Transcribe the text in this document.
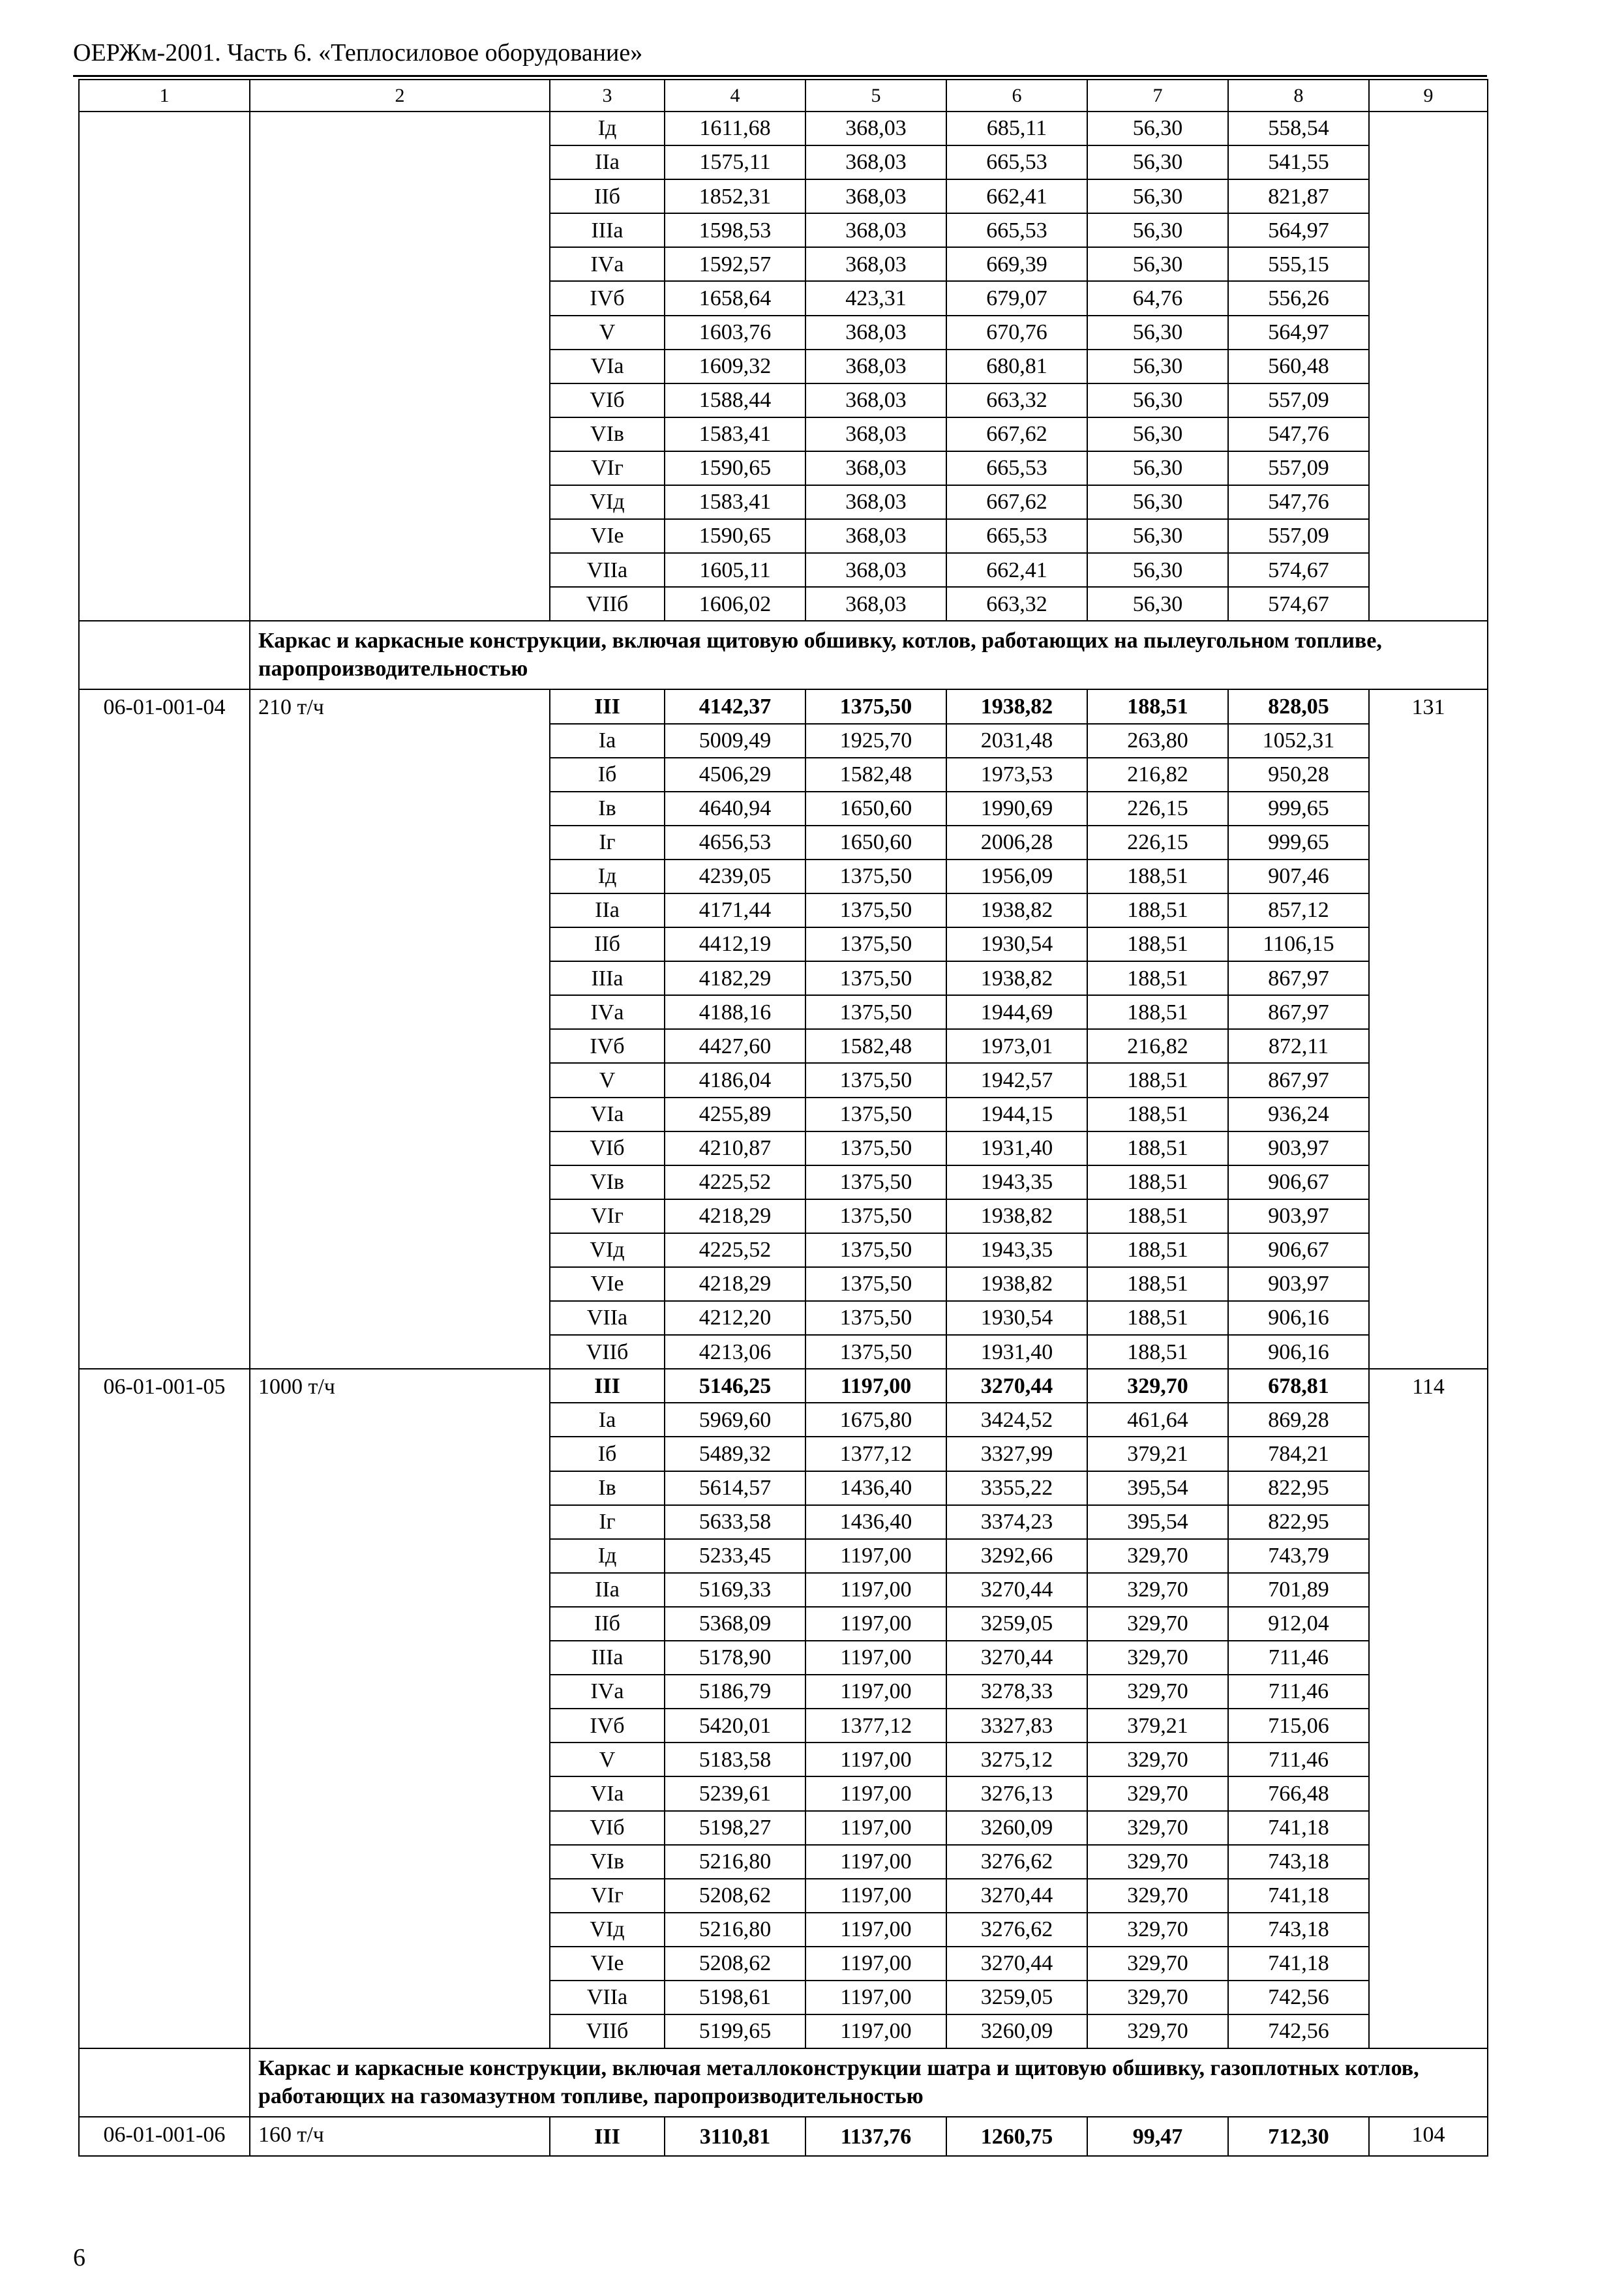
ОЕРЖм-2001. Часть 6. «Теплосиловое оборудование»
1	2	3	4	5	6	7	8	9
		Iд	1611,68	368,03	685,11	56,30	558,54	
		IIа	1575,11	368,03	665,53	56,30	541,55	
		IIб	1852,31	368,03	662,41	56,30	821,87	
		IIIа	1598,53	368,03	665,53	56,30	564,97	
		IVа	1592,57	368,03	669,39	56,30	555,15	
		IVб	1658,64	423,31	679,07	64,76	556,26	
		V	1603,76	368,03	670,76	56,30	564,97	
		VIа	1609,32	368,03	680,81	56,30	560,48	
		VIб	1588,44	368,03	663,32	56,30	557,09	
		VIв	1583,41	368,03	667,62	56,30	547,76	
		VIг	1590,65	368,03	665,53	56,30	557,09	
		VIд	1583,41	368,03	667,62	56,30	547,76	
		VIе	1590,65	368,03	665,53	56,30	557,09	
		VIIа	1605,11	368,03	662,41	56,30	574,67	
		VIIб	1606,02	368,03	663,32	56,30	574,67	
	Каркас и каркасные конструкции, включая щитовую обшивку, котлов, работающих на пылеугольном топливе, паропроизводительностью							
06-01-001-04	210 т/ч	III	4142,37	1375,50	1938,82	188,51	828,05	131
		Iа	5009,49	1925,70	2031,48	263,80	1052,31	
		Iб	4506,29	1582,48	1973,53	216,82	950,28	
		Iв	4640,94	1650,60	1990,69	226,15	999,65	
		Iг	4656,53	1650,60	2006,28	226,15	999,65	
		Iд	4239,05	1375,50	1956,09	188,51	907,46	
		IIа	4171,44	1375,50	1938,82	188,51	857,12	
		IIб	4412,19	1375,50	1930,54	188,51	1106,15	
		IIIа	4182,29	1375,50	1938,82	188,51	867,97	
		IVа	4188,16	1375,50	1944,69	188,51	867,97	
		IVб	4427,60	1582,48	1973,01	216,82	872,11	
		V	4186,04	1375,50	1942,57	188,51	867,97	
		VIа	4255,89	1375,50	1944,15	188,51	936,24	
		VIб	4210,87	1375,50	1931,40	188,51	903,97	
		VIв	4225,52	1375,50	1943,35	188,51	906,67	
		VIг	4218,29	1375,50	1938,82	188,51	903,97	
		VIд	4225,52	1375,50	1943,35	188,51	906,67	
		VIе	4218,29	1375,50	1938,82	188,51	903,97	
		VIIа	4212,20	1375,50	1930,54	188,51	906,16	
		VIIб	4213,06	1375,50	1931,40	188,51	906,16	
06-01-001-05	1000 т/ч	III	5146,25	1197,00	3270,44	329,70	678,81	114
		Iа	5969,60	1675,80	3424,52	461,64	869,28	
		Iб	5489,32	1377,12	3327,99	379,21	784,21	
		Iв	5614,57	1436,40	3355,22	395,54	822,95	
		Iг	5633,58	1436,40	3374,23	395,54	822,95	
		Iд	5233,45	1197,00	3292,66	329,70	743,79	
		IIа	5169,33	1197,00	3270,44	329,70	701,89	
		IIб	5368,09	1197,00	3259,05	329,70	912,04	
		IIIа	5178,90	1197,00	3270,44	329,70	711,46	
		IVа	5186,79	1197,00	3278,33	329,70	711,46	
		IVб	5420,01	1377,12	3327,83	379,21	715,06	
		V	5183,58	1197,00	3275,12	329,70	711,46	
		VIа	5239,61	1197,00	3276,13	329,70	766,48	
		VIб	5198,27	1197,00	3260,09	329,70	741,18	
		VIв	5216,80	1197,00	3276,62	329,70	743,18	
		VIг	5208,62	1197,00	3270,44	329,70	741,18	
		VIд	5216,80	1197,00	3276,62	329,70	743,18	
		VIе	5208,62	1197,00	3270,44	329,70	741,18	
		VIIа	5198,61	1197,00	3259,05	329,70	742,56	
		VIIб	5199,65	1197,00	3260,09	329,70	742,56	
	Каркас и каркасные конструкции, включая металлоконструкции шатра и щитовую обшивку, газоплотных котлов, работающих на газомазутном топливе, паропроизводительностью							
06-01-001-06	160 т/ч	III	3110,81	1137,76	1260,75	99,47	712,30	104
6
